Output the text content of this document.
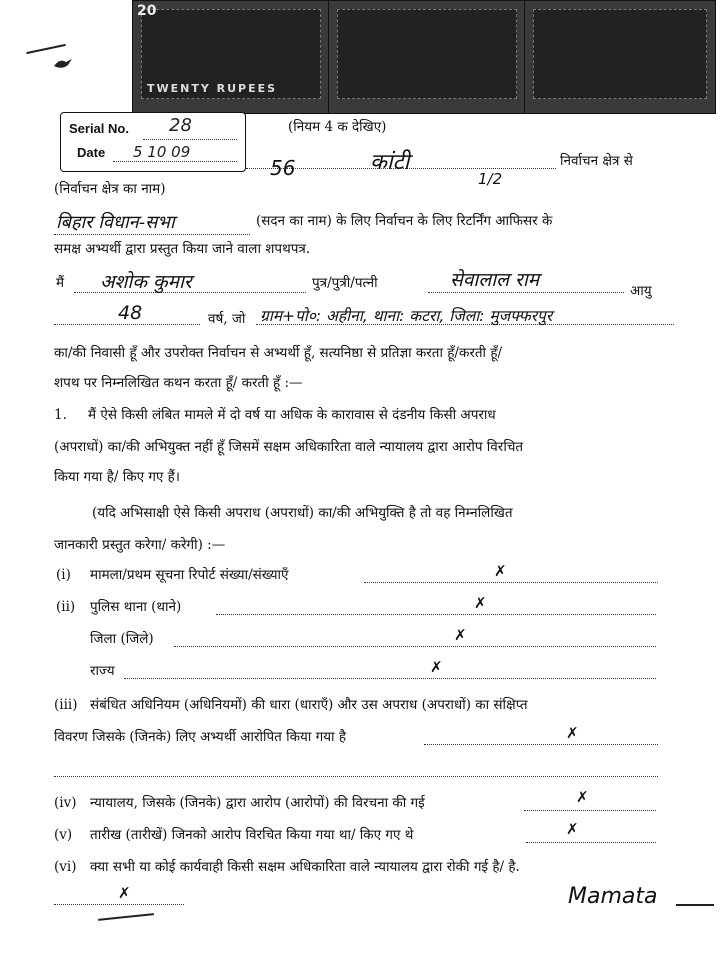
20
TWENTY RUPEES
Serial No. 28
Date 5 10 09
(नियम 4 क देखिए)
56	कांटी
1/2
निर्वाचन क्षेत्र से
(निर्वाचन क्षेत्र का नाम)
बिहार विधान-सभा	(सदन का नाम) के लिए निर्वाचन के लिए रिटर्निंग आफिसर के
समक्ष अभ्यर्थी द्वारा प्रस्तुत किया जाने वाला शपथपत्र.
मैं अशोक कुमार	पुत्र/पुत्री/पत्नी	सेवालाल राम	आयु
48	वर्ष, जो ग्राम+पो०: अहीना, थाना: कटरा, जिला: मुजफ्फरपुर
का/की निवासी हूँ और उपरोक्त निर्वाचन से अभ्यर्थी हूँ, सत्यनिष्ठा से प्रतिज्ञा करता हूँ/करती हूँ/
शपथ पर निम्नलिखित कथन करता हूँ/ करती हूँ :—
1. मैं ऐसे किसी लंबित मामले में दो वर्ष या अधिक के कारावास से दंडनीय किसी अपराध
(अपराधों) का/की अभियुक्त नहीं हूँ जिसमें सक्षम अधिकारिता वाले न्यायालय द्वारा आरोप विरचित
किया गया है/ किए गए हैं।
(यदि अभिसाक्षी ऐसे किसी अपराध (अपराधों) का/की अभियुक्ति है तो वह निम्नलिखित
जानकारी प्रस्तुत करेगा/ करेगी) :—
(i) मामला/प्रथम सूचना रिपोर्ट संख्या/संख्याएँ	✗
(ii) पुलिस थाना (थाने)	✗
जिला (जिले)	✗
राज्य	✗
(iii) संबंधित अधिनियम (अधिनियमों) की धारा (धाराएँ) और उस अपराध (अपराधों) का संक्षिप्त
विवरण जिसके (जिनके) लिए अभ्यर्थी आरोपित किया गया है	✗
(iv) न्यायालय, जिसके (जिनके) द्वारा आरोप (आरोपों) की विरचना की गई	✗
(v) तारीख (तारीखें) जिनको आरोप विरचित किया गया था/ किए गए थे	✗
(vi) क्या सभी या कोई कार्यवाही किसी सक्षम अधिकारिता वाले न्यायालय द्वारा रोकी गई है/ है.
✗	Mamata
